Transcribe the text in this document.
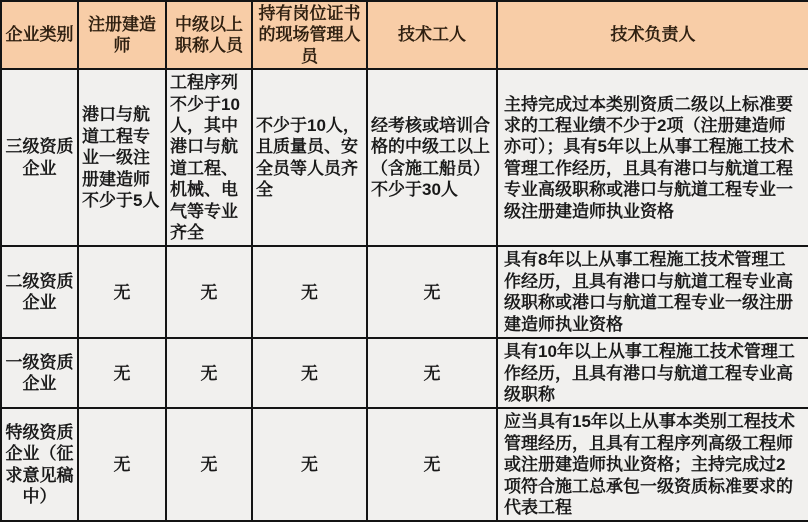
企业类别	注册建造师	中级以上职称人员	持有岗位证书的现场管理人员	技术工人	技术负责人
三级资质企业	港口与航道工程专业一级注册建造师不少于5人	工程序列不少于10人，其中港口与航道工程、机械、电气等专业齐全	不少于10人，且质量员、安全员等人员齐全	经考核或培训合格的中级工以上（含施工船员）不少于30人	主持完成过本类别资质二级以上标准要求的工程业绩不少于2项（注册建造师亦可）；具有5年以上从事工程施工技术管理工作经历，且具有港口与航道工程专业高级职称或港口与航道工程专业一级注册建造师执业资格
二级资质企业	无	无	无	无	具有8年以上从事工程施工技术管理工作经历，且具有港口与航道工程专业高级职称或港口与航道工程专业一级注册建造师执业资格
一级资质企业	无	无	无	无	具有10年以上从事工程施工技术管理工作经历，且具有港口与航道工程专业高级职称
特级资质企业（征求意见稿中）	无	无	无	无	应当具有15年以上从事本类别工程技术管理经历，且具有工程序列高级工程师或注册建造师执业资格；主持完成过2项符合施工总承包一级资质标准要求的代表工程
